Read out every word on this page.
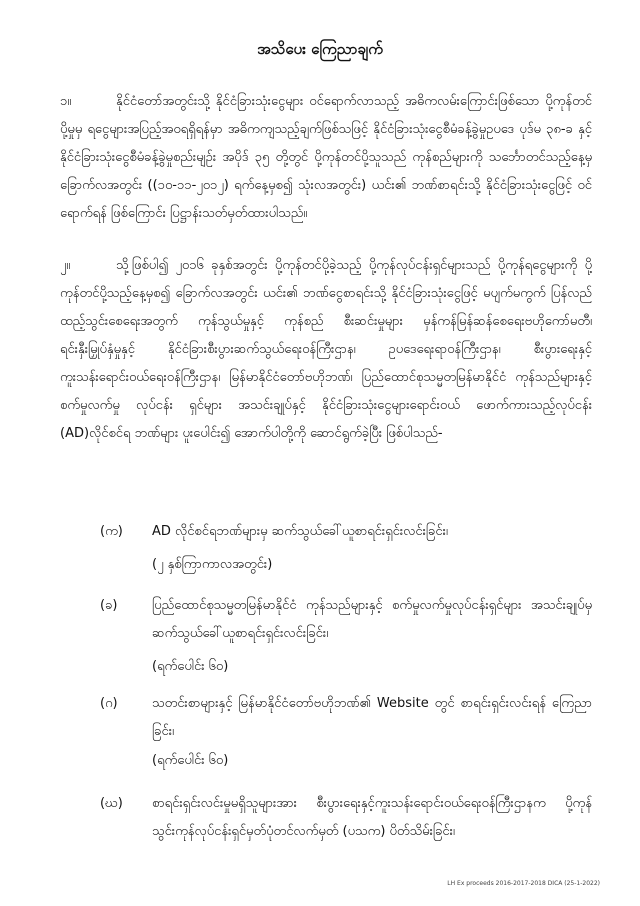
အသိပေး ကြေညာချက်
၁။	နိုင်ငံတော်အတွင်းသို့ နိုင်ငံခြားသုံးငွေများ ဝင်ရောက်လာသည့် အဓိကလမ်းကြောင်းဖြစ်သော ပို့ကုန်တင်ပို့မှုမှ ရငွေများအပြည့်အဝရရှိရန်မှာ အဓိကကျသည့်ချက်ဖြစ်သဖြင့် နိုင်ငံခြားသုံးငွေစီမံခန့်ခွဲမှုဥပဒေ ပုဒ်မ ၃၈-ခ နှင့် နိုင်ငံခြားသုံးငွေစီမံခန့်ခွဲမှုစည်းမျဉ်း အပိုဒ် ၃၅ တို့တွင် ပို့ကုန်တင်ပို့သူသည် ကုန်စည်များကို သင်္ဘောတင်သည့်နေ့မှ ခြောက်လအတွင်း ((၁၀-၁၁-၂၀၁၂) ရက်နေ့မှစ၍ သုံးလအတွင်း) ယင်း၏ ဘဏ်စာရင်းသို့ နိုင်ငံခြားသုံးငွေဖြင့် ဝင်ရောက်ရန် ဖြစ်ကြောင်း ပြဋ္ဌာန်းသတ်မှတ်ထားပါသည်။
၂။	သို့ဖြစ်ပါ၍ ၂၀၁၆ ခုနှစ်အတွင်း ပို့ကုန်တင်ပို့ခဲ့သည့် ပို့ကုန်လုပ်ငန်းရှင်များသည် ပို့ကုန်ရငွေများကို ပို့ကုန်တင်ပို့သည့်နေ့မှစ၍ ခြောက်လအတွင်း ယင်း၏ ဘဏ်ငွေစာရင်းသို့ နိုင်ငံခြားသုံးငွေဖြင့် မပျက်မကွက် ပြန်လည်ထည့်သွင်းစေရေးအတွက် ကုန်သွယ်မှုနှင့် ကုန်စည် စီးဆင်းမှုများ မှန်ကန်မြန်ဆန်စေရေးဗဟိုကော်မတီ၊ ရင်းနှီးမြှုပ်နှံမှုနှင့် နိုင်ငံခြားစီးပွားဆက်သွယ်ရေးဝန်ကြီးဌာန၊ ဥပဒေရေးရာဝန်ကြီးဌာန၊ စီးပွားရေးနှင့်ကူးသန်းရောင်းဝယ်ရေးဝန်ကြီးဌာန၊ မြန်မာနိုင်ငံတော်ဗဟိုဘဏ်၊ ပြည်ထောင်စုသမ္မတမြန်မာနိုင်ငံ ကုန်သည်များနှင့်စက်မှုလက်မှု လုပ်ငန်း ရှင်များ အသင်းချုပ်နှင့် နိုင်ငံခြားသုံးငွေများရောင်းဝယ် ဖောက်ကားသည့်လုပ်ငန်း (AD)လိုင်စင်ရ ဘဏ်များ ပူးပေါင်း၍ အောက်ပါတို့ကို ဆောင်ရွက်ခဲ့ပြီး ဖြစ်ပါသည်-
(က)	AD လိုင်စင်ရဘဏ်များမှ ဆက်သွယ်ခေါ်ယူစာရင်းရှင်းလင်းခြင်း၊
(၂ နှစ်ကြာကာလအတွင်း)
(ခ)	ပြည်ထောင်စုသမ္မတမြန်မာနိုင်ငံ ကုန်သည်များနှင့် စက်မှုလက်မှုလုပ်ငန်းရှင်များ အသင်းချုပ်မှ ဆက်သွယ်ခေါ်ယူစာရင်းရှင်းလင်းခြင်း၊
(ရက်ပေါင်း ၆၀)
(ဂ)	သတင်းစာများနှင့် မြန်မာနိုင်ငံတော်ဗဟိုဘဏ်၏ Website တွင် စာရင်းရှင်းလင်းရန် ကြေညာခြင်း၊
(ရက်ပေါင်း ၆၀)
(ဃ)	စာရင်းရှင်းလင်းမှုမရှိသူများအား စီးပွားရေးနှင့်ကူးသန်းရောင်းဝယ်ရေးဝန်ကြီးဌာနက ပို့ကုန်သွင်းကုန်လုပ်ငန်းရှင်မှတ်ပုံတင်လက်မှတ် (ပသက) ပိတ်သိမ်းခြင်း၊
LH Ex proceeds 2016-2017-2018 DICA (25-1-2022)
